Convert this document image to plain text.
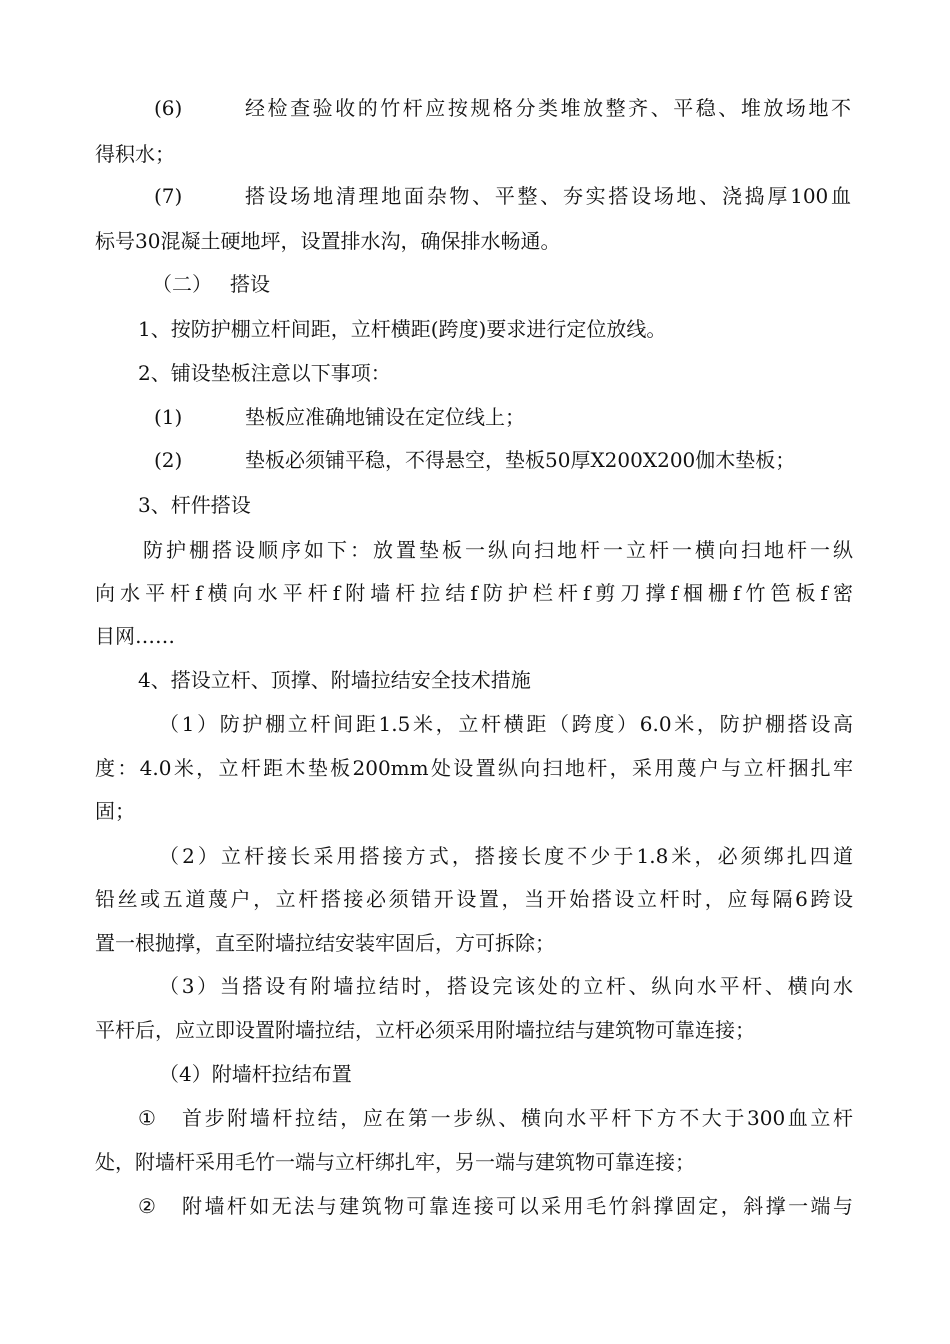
(6)	经检查验收的竹杆应按规格分类堆放整齐、平稳、堆放场地不
得积水；
(7)	搭设场地清理地面杂物、平整、夯实搭设场地、浇捣厚100血
标号30混凝土硬地坪，设置排水沟，确保排水畅通。
（二） 搭设
1、按防护棚立杆间距，立杆横距(跨度)要求进行定位放线。
2、铺设垫板注意以下事项：
(1)	垫板应准确地铺设在定位线上；
(2)	垫板必须铺平稳，不得悬空，垫板50厚X200X200伽木垫板；
3、杆件搭设
防护棚搭设顺序如下：放置垫板一纵向扫地杆一立杆一横向扫地杆一纵
向水平杆f横向水平杆f附墙杆拉结f防护栏杆f剪刀撑f椢栅f竹笆板f密
目网……
4、搭设立杆、顶撑、附墙拉结安全技术措施
（1）防护棚立杆间距1.5米，立杆横距（跨度）6.0米，防护棚搭设高
度：4.0米，立杆距木垫板200mm处设置纵向扫地杆，采用蔑户与立杆捆扎牢
固；
（2）立杆接长采用搭接方式，搭接长度不少于1.8米，必须绑扎四道
铅丝或五道蔑户，立杆搭接必须错开设置，当开始搭设立杆时，应每隔6跨设
置一根抛撑，直至附墙拉结安装牢固后，方可拆除；
（3）当搭设有附墙拉结时，搭设完该处的立杆、纵向水平杆、横向水
平杆后，应立即设置附墙拉结，立杆必须采用附墙拉结与建筑物可靠连接；
（4）附墙杆拉结布置
① 首步附墙杆拉结，应在第一步纵、横向水平杆下方不大于300血立杆
处，附墙杆采用毛竹一端与立杆绑扎牢，另一端与建筑物可靠连接；
② 附墙杆如无法与建筑物可靠连接可以采用毛竹斜撑固定，斜撑一端与
